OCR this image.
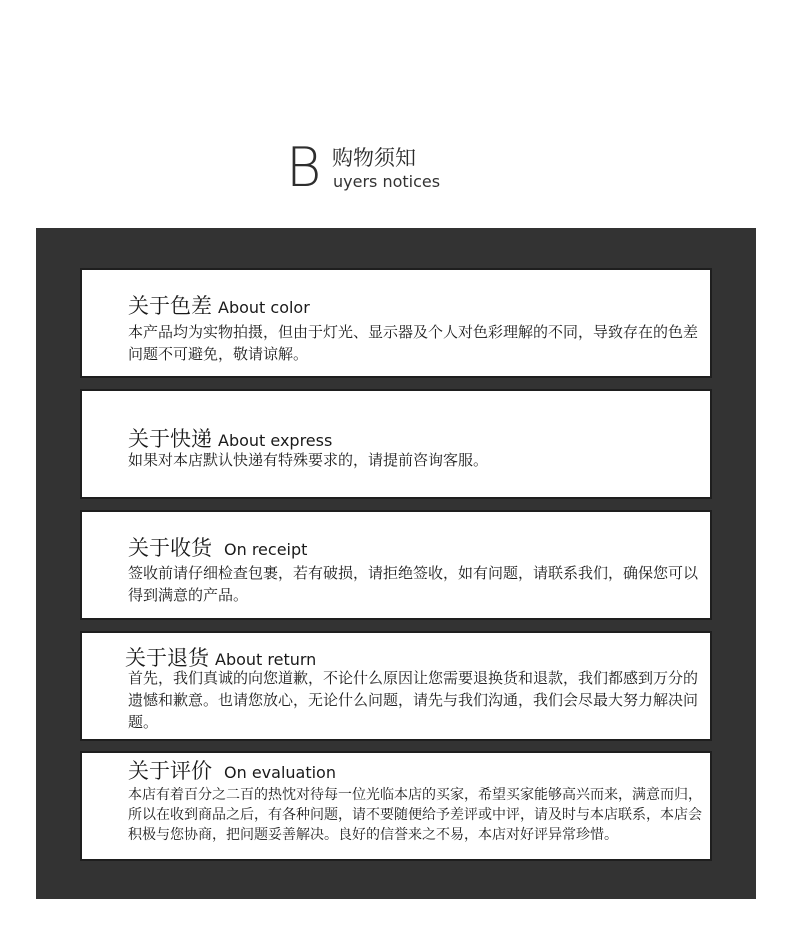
B 购物须知
uyers notices
关于色差 About color
本产品均为实物拍摄，但由于灯光、显示器及个人对色彩理解的不同，导致存在的色差问题不可避免，敬请谅解。
关于快递 About express
如果对本店默认快递有特殊要求的，请提前咨询客服。
关于收货 On receipt
签收前请仔细检查包裹，若有破损，请拒绝签收，如有问题，请联系我们，确保您可以得到满意的产品。
关于退货 About return
首先，我们真诚的向您道歉，不论什么原因让您需要退换货和退款，我们都感到万分的遗憾和歉意。也请您放心，无论什么问题，请先与我们沟通，我们会尽最大努力解决问题。
关于评价 On evaluation
本店有着百分之二百的热忱对待每一位光临本店的买家，希望买家能够高兴而来，满意而归，所以在收到商品之后，有各种问题，请不要随便给予差评或中评，请及时与本店联系，本店会积极与您协商，把问题妥善解决。良好的信誉来之不易，本店对好评异常珍惜。
